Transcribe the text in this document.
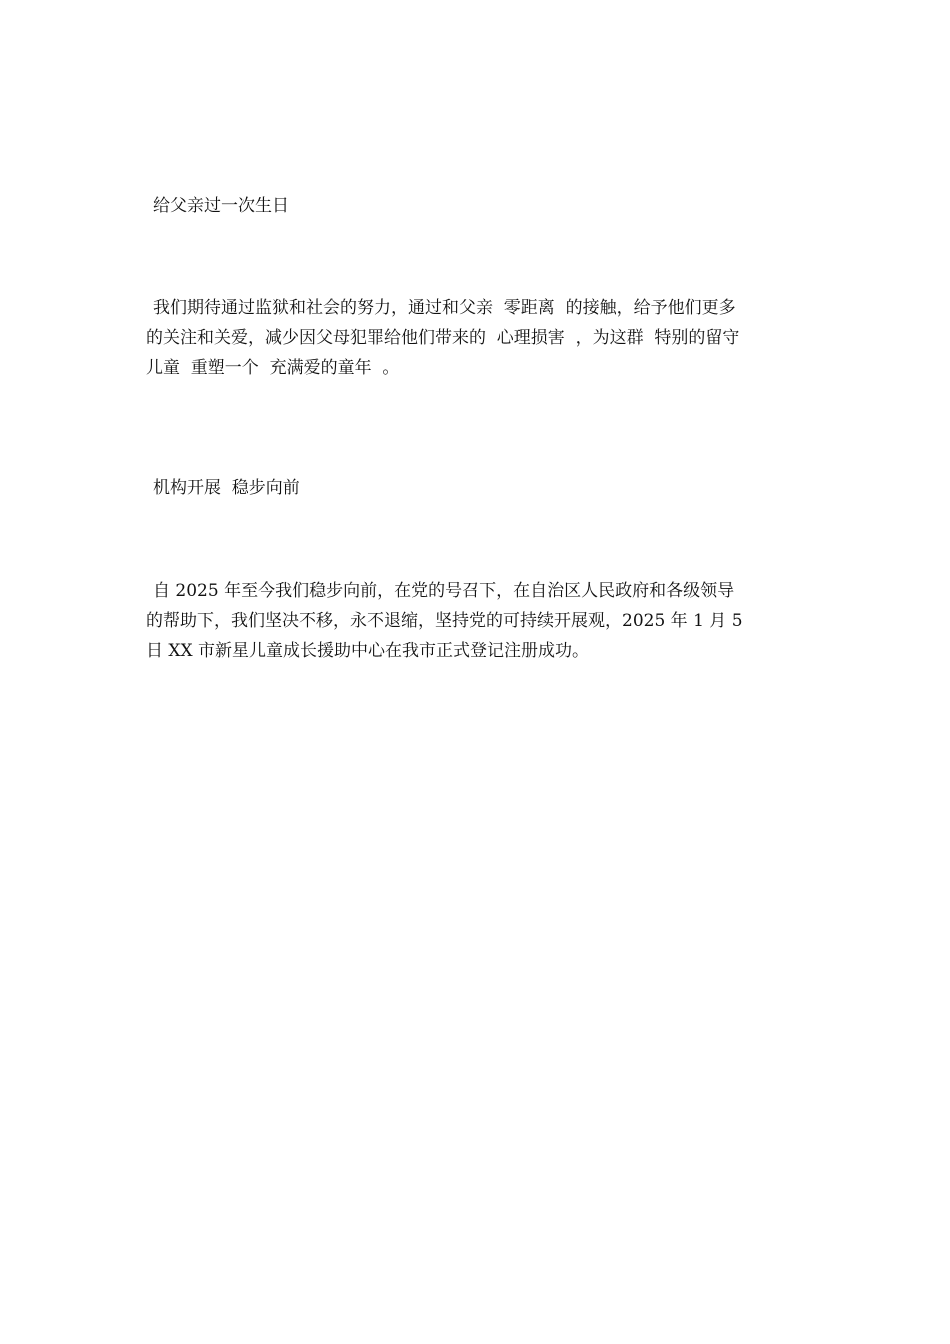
给父亲过一次生日
我们期待通过监狱和社会的努力，通过和父亲  零距离  的接触，给予他们更多
的关注和关爱，减少因父母犯罪给他们带来的  心理损害  ，为这群  特别的留守
儿童  重塑一个  充满爱的童年  。
机构开展  稳步向前
自 2025 年至今我们稳步向前，在党的号召下，在自治区人民政府和各级领导
的帮助下，我们坚决不移，永不退缩，坚持党的可持续开展观，2025 年 1 月 5
日 XX 市新星儿童成长援助中心在我市正式登记注册成功。
